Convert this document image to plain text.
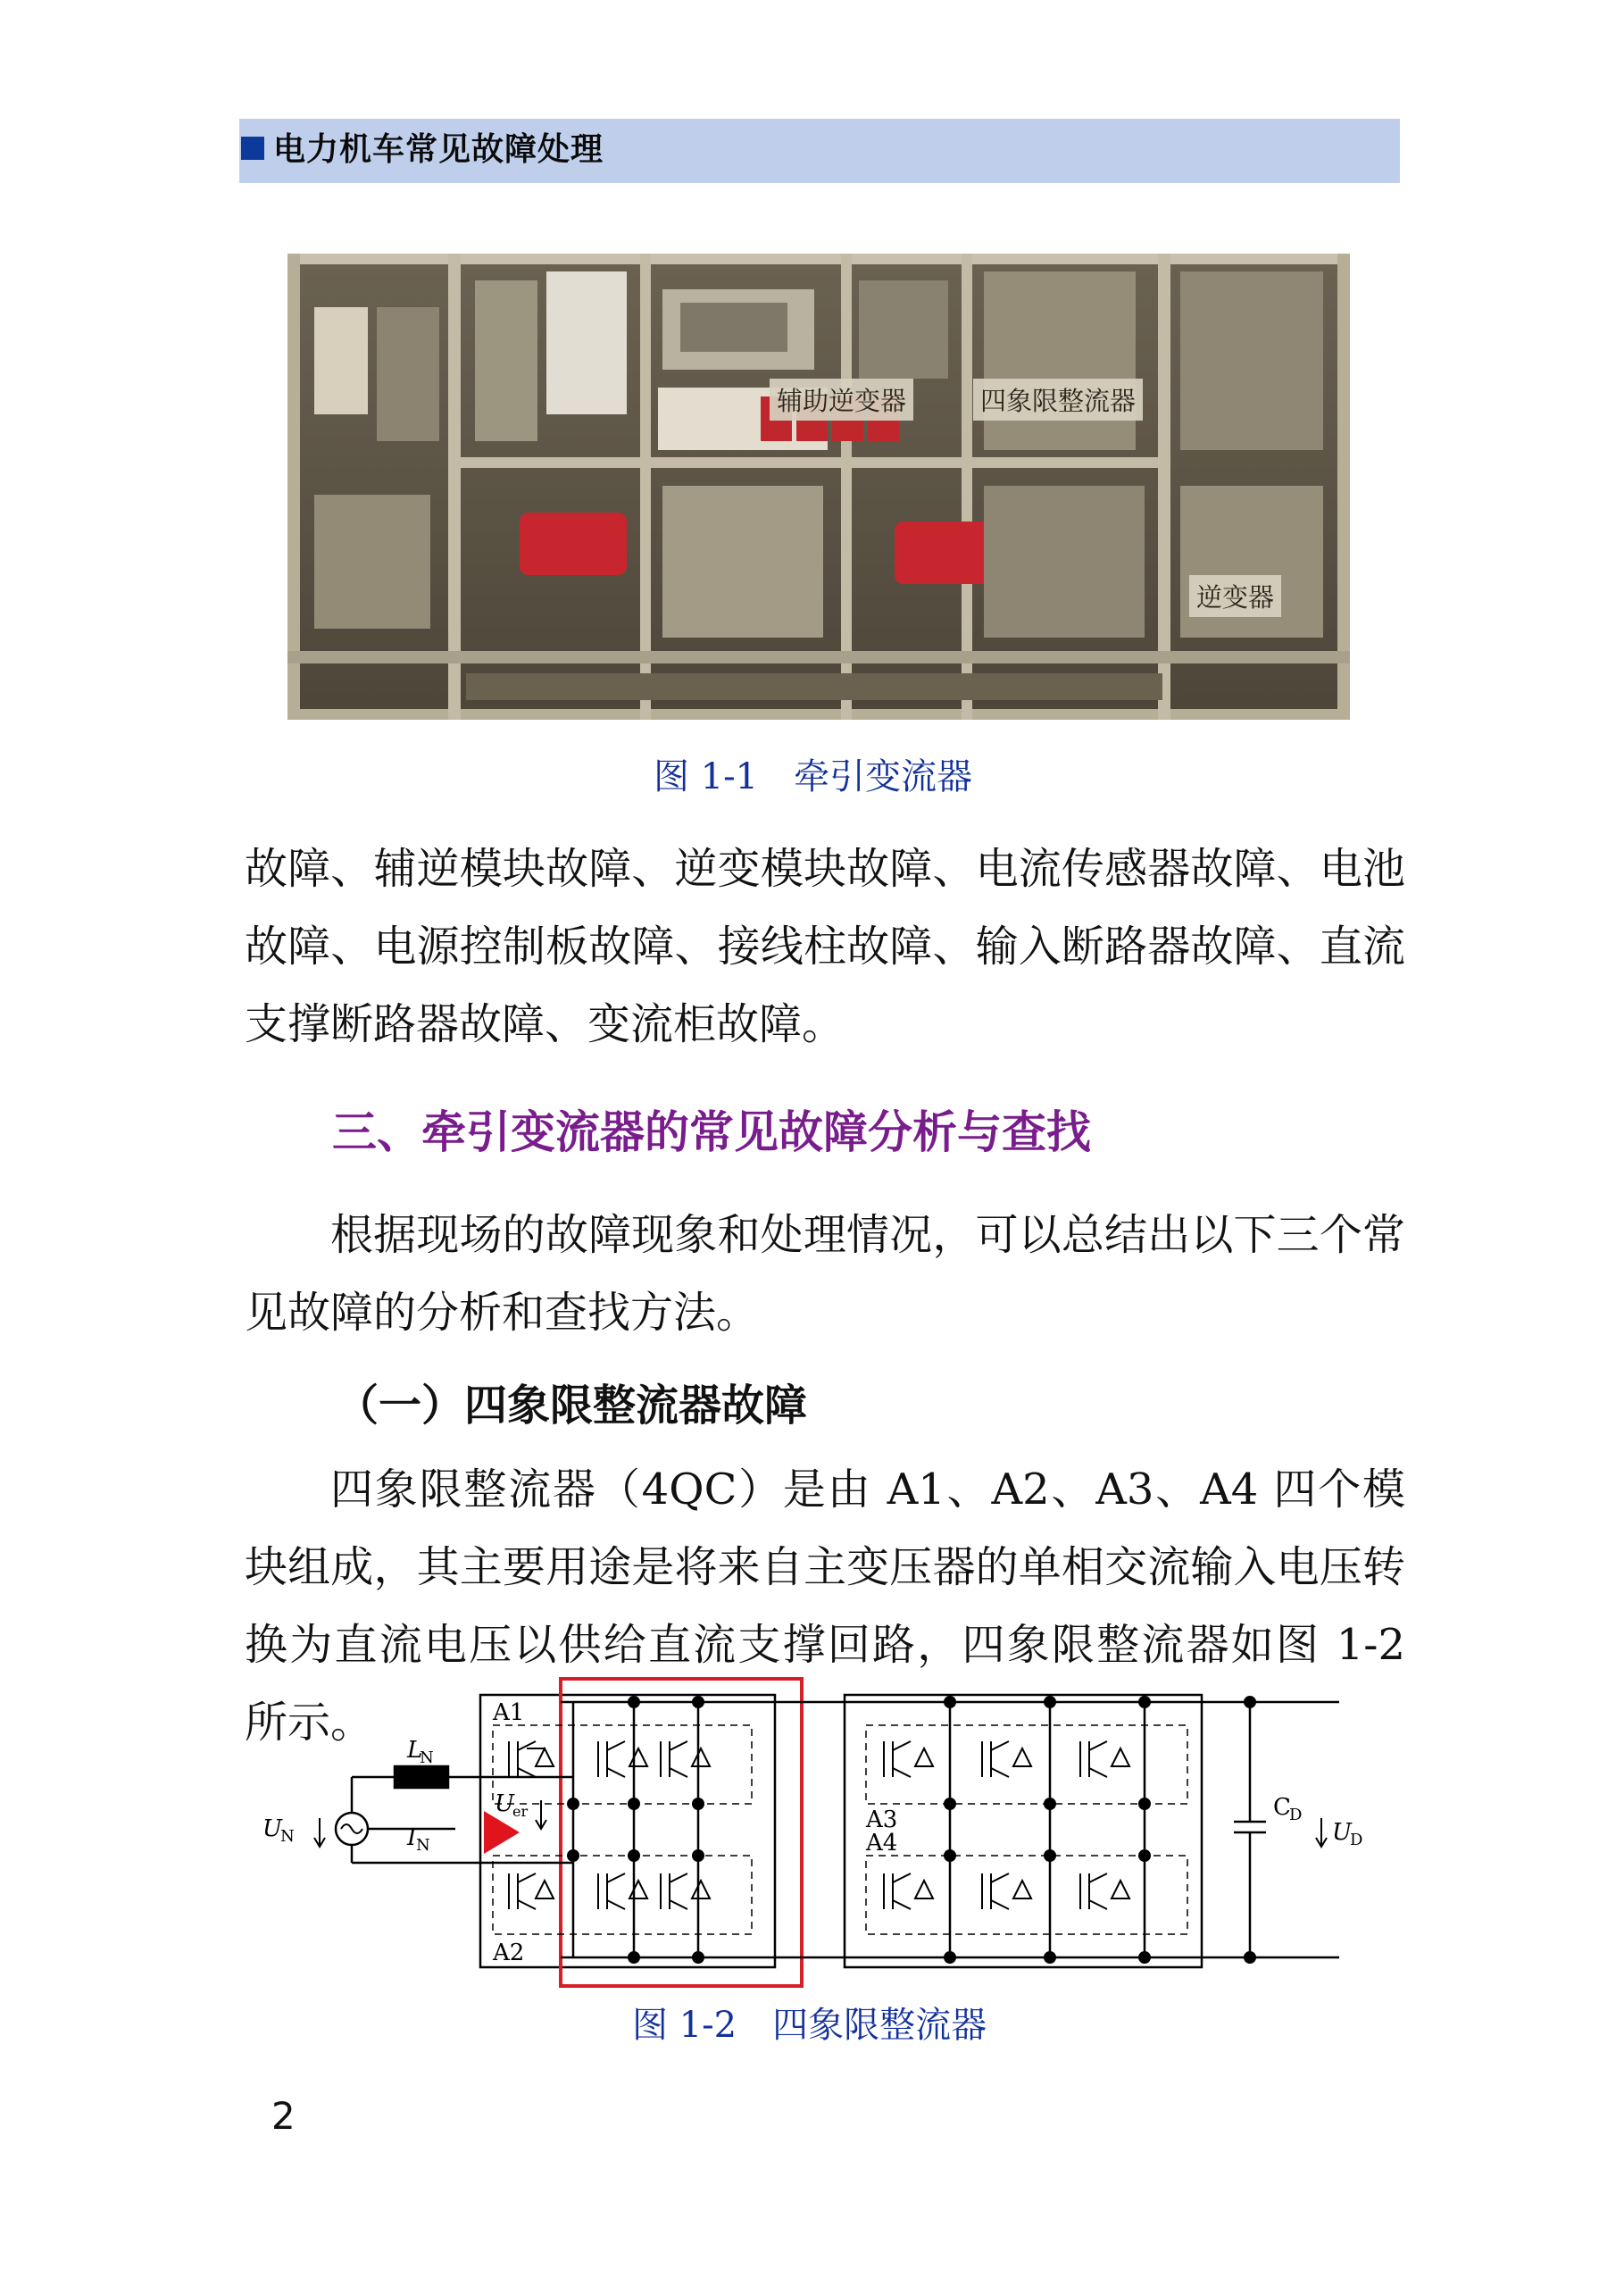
电力机车常见故障处理
辅助逆变器	四象限整流器
逆变器
图 1-1　牵引变流器

故障、辅逆模块故障、逆变模块故障、电流传感器故障、电池故障、电源控制板故障、接线柱故障、输入断路器故障、直流支撑断路器故障、变流柜故障。

三、牵引变流器的常见故障分析与查找

根据现场的故障现象和处理情况，可以总结出以下三个常见故障的分析和查找方法。

（一）四象限整流器故障

四象限整流器（4QC）是由 A1、A2、A3、A4 四个模块组成，其主要用途是将来自主变压器的单相交流输入电压转换为直流电压以供给直流支撑回路，四象限整流器如图 1-2 所示。	A1
A2
A3
A4
L
N
I N
U
N
U
er	C
D
U
D
图 1-2　四象限整流器
2
